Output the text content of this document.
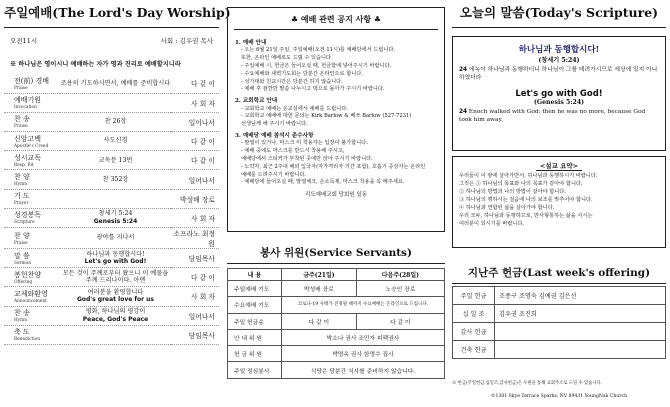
주일예배(The Lord's Day Worship)
오전11시	사회 : 김우권 목사
※ 하나님은 영이시니 예배하는 자가 영과 진리로 예배할지니라
전(前) 경배
Praise	조용히 기도하시면서, 예배를 준비합시다	다 같 이

예배기원
Invocation		사 회 자

찬 송
Praise	찬 26장	일어나서

신앙고백
Apostle's Creed	사도신경	다 같 이

성시교독
Resp. Rd	교독문 13번	다 같 이

찬 양
Hymn	찬 352장	일어나서

기 도
Prayer		박성배 장로

성경봉독
Scripture	창세기 5:24
Genesis 5:24	사 회 자

찬 양
Praise	광야를 지나서	소프라노 최정원

말 씀
Sermon	하나님과 동행합시다!
Let's go with God!	담임목사

봉헌찬양
Offering	모든 것이 주께로부터 왔으니 이 예물을 주께 드리나이다. 아멘	다 같 이

교제와환영
Announcement	여러분을 환영합니다
God's great love for us	사 회 자

찬 송
Hymn	평화, 하나님의 평강이
Peace, God's Peace	일어나서

축 도
Benediction		담임목사
♣ 예배 관련 공지 사항 ♣
1. 예배 안내

- 오는 6월 21일 주일, 주일예배(오전 11시)를 예배당에서 드립니다.

또한, 온라인 예배로도 드릴 수 있습니다.

- 주일예배 시, 헌금은 들어오실 때, 헌금함에 넣어주시기 바랍니다.

- 수요예배와 새벽기도회는 당분간 온라인으로 합니다.

- 성가대와 친교시간은 당분간 하지 않습니다.

- 예배 후 잠깐만 말씀 나누시고 댁으로 돌아가 주시기 바랍니다.

2. 교회학교 안내

- 교회학교 예배는 온교실에서 예배를 드립니다.

- 교회학교 예배에 대한 문의는 Kirk Barlow & 베쓰 Barlow (527-7231)

선생님께 해 주시기 바랍니다.

3. 예배당 예배 참석시 준수사항

- 발열이 있거나, 마스크 미 착용자는 입장이 불가합니다.

- 예배 중에도 마스크를 반드시 착용해 주시고,

예배당에서 스티커가 부착된 곳에만 앉아 주시기 바랍니다.

- 노약자, 최근 2주내 해외 입국자(자가격리자 기간 포함), 호흡기 증상자는 온라인

예배를 드려주시기 바랍니다.

- 예배당에 들어오실 때, 발열체크, 손소독제, 마스크 착용을 꼭 해주세요.

리도예배교회 당회원 일동
봉사 위원(Service Servants)
내 용	금주(21일)	다음주(28일)
주일예배 기도	박성배 장로	노승인 장로
수요예배 기도	코로나-19 사태가 진정될 때까지 수요예배는 온라인으로 드립니다.	
주일 헌금송	다 같 이	다 같 이
안 내 위 원	박소나 권사 조민자 피팩권사	
헌 금 위 원	박명옥 권사 함영수 집사	
주일 점심봉사	식당은 당분간 식사를 준비하지 않습니다.	
오늘의 말씀(Today's Scripture)
하나님과 동행합시다!
(창세기 5:24)
24 에녹이 하나님과 동행하더니 하나님이 그를 데려가시므로 세상에 있지 아니하였더라
Let's go with God!
(Genesis 5:24)
24 Enoch walked with God: then he was no more, because God took him away.
<설교 요약>
우리들이 이 땅에 살아가면서, 하나님과 동행하시기 바랍니다.
그것은 ① 하나님의 목표와 나의 목표가 같아야 합니다.
② 하나님의 방법과 나의 방법이 같아야 합니다.
③ 하나님의 행하시는 걸음에 나의 보조를 맞추어야 합니다.
④ 하나님과 연합된 삶을 살아가야 합니다.
우리 모두, 하나님과 동행하므로, 만사형통하는 삶을 사시는
여러분이 되시기를 바랍니다.
지난주 헌금(Last week's offering)
주일 헌금	조종구 조명숙 김예권 김은선
십 일 조	김우권 조진희
감사 헌금	
건축 헌금	
※ 헌금(주일헌금,십일조,감사헌금)은 우편을 통해 교회주소로 드릴 수 있습니다.
©1301 Skye Terrace Sparks, NV 89431 YoungNak Church
